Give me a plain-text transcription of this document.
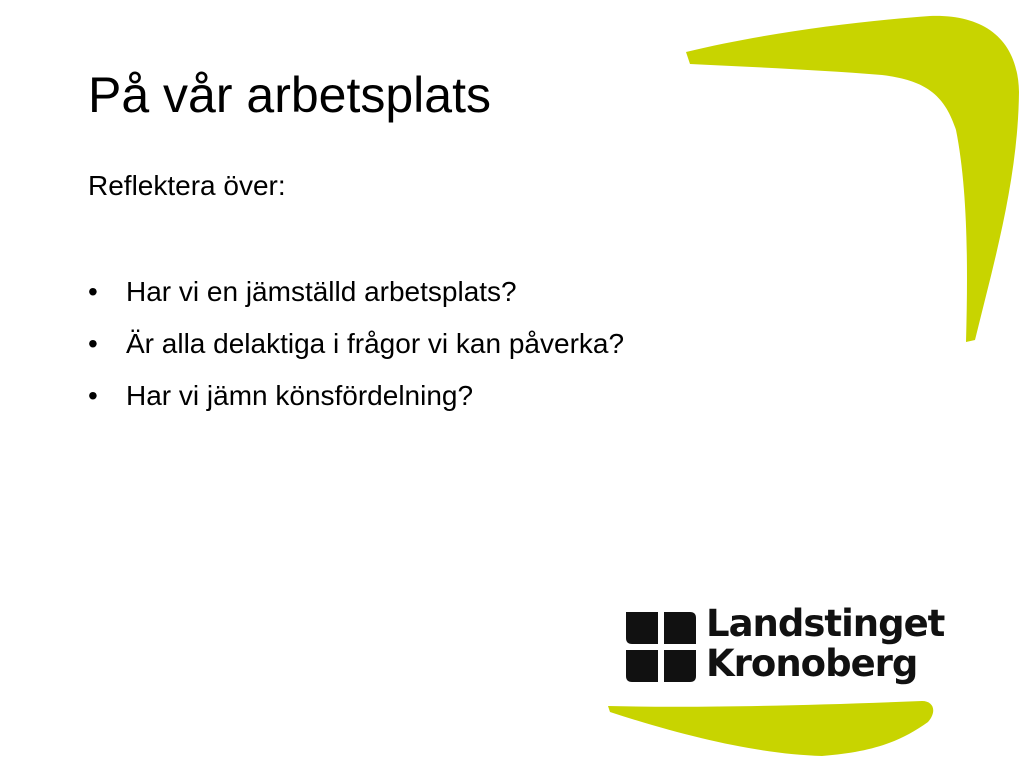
På vår arbetsplats
Reflektera över:
• Har vi en jämställd arbetsplats?
• Är alla delaktiga i frågor vi kan påverka?
• Har vi jämn könsfördelning?
Landstinget
Kronoberg
